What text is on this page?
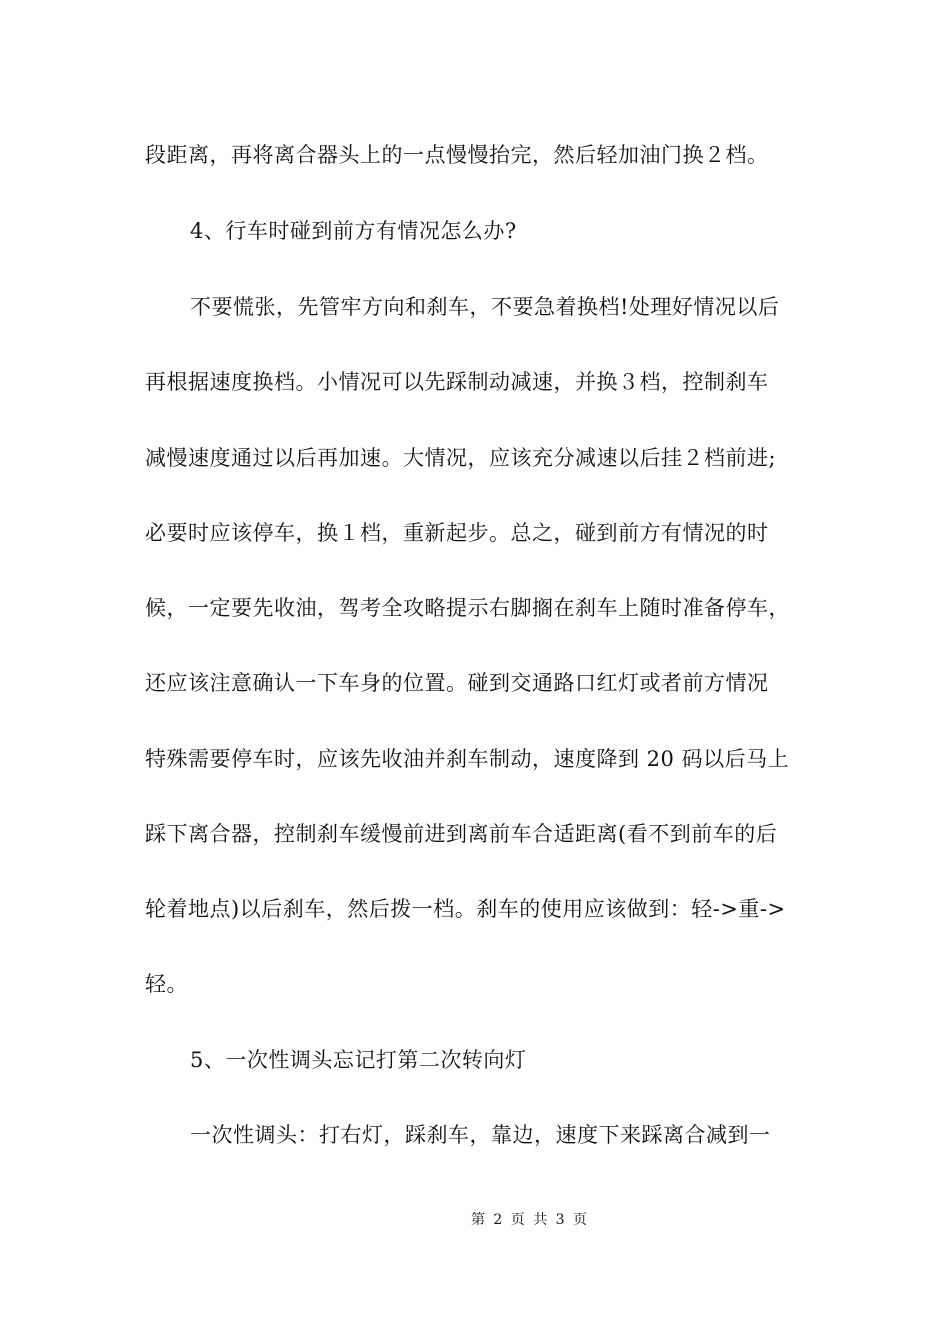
段距离，再将离合器头上的一点慢慢抬完，然后轻加油门换２档。
4、行车时碰到前方有情况怎么办?
不要慌张，先管牢方向和刹车，不要急着换档!处理好情况以后
再根据速度换档。小情况可以先踩制动减速，并换３档，控制刹车
减慢速度通过以后再加速。大情况，应该充分减速以后挂２档前进;
必要时应该停车，换１档，重新起步。总之，碰到前方有情况的时
候，一定要先收油，驾考全攻略提示右脚搁在刹车上随时准备停车，
还应该注意确认一下车身的位置。碰到交通路口红灯或者前方情况
特殊需要停车时，应该先收油并刹车制动，速度降到 20 码以后马上
踩下离合器，控制刹车缓慢前进到离前车合适距离(看不到前车的后
轮着地点)以后刹车，然后拨一档。刹车的使用应该做到：轻->重->
轻。
5、一次性调头忘记打第二次转向灯
一次性调头：打右灯，踩刹车，靠边，速度下来踩离合减到一
第 2 页 共 3 页
